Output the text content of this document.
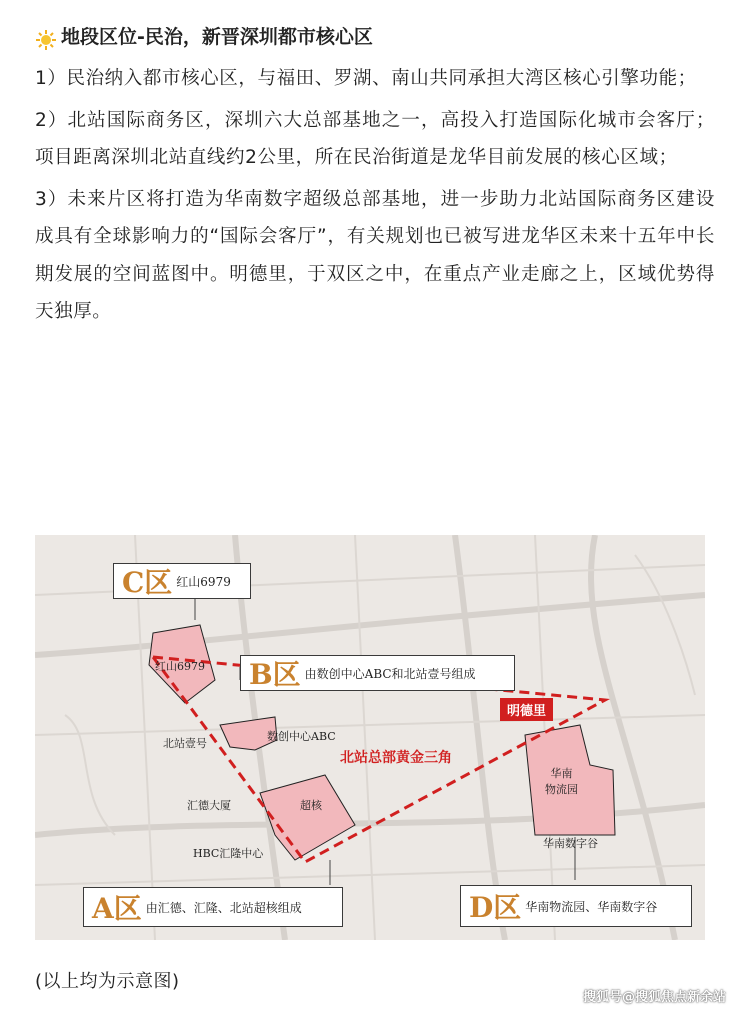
地段区位-民治，新晋深圳都市核心区

1）民治纳入都市核心区，与福田、罗湖、南山共同承担大湾区核心引擎功能；

2）北站国际商务区，深圳六大总部基地之一，高投入打造国际化城市会客厅；项目距离深圳北站直线约2公里，所在民治街道是龙华目前发展的核心区域；

3）未来片区将打造为华南数字超级总部基地，进一步助力北站国际商务区建设成具有全球影响力的“国际会客厅”，有关规划也已被写进龙华区未来十五年中长期发展的空间蓝图中。明德里，于双区之中，在重点产业走廊之上，区域优势得天独厚。

C区 红山6979
B区 由数创中心ABC和北站壹号组成
A区 由汇德、汇隆、北站超核组成	D区 华南物流园、华南数字谷
红山6979
北站壹号
数创中心ABC
汇德大厦	超核
HBC汇隆中心
华南
物流园
华南数字谷
北站总部黄金三角
明德里
(以上均为示意图)
搜狐号@搜狐焦点新余站
